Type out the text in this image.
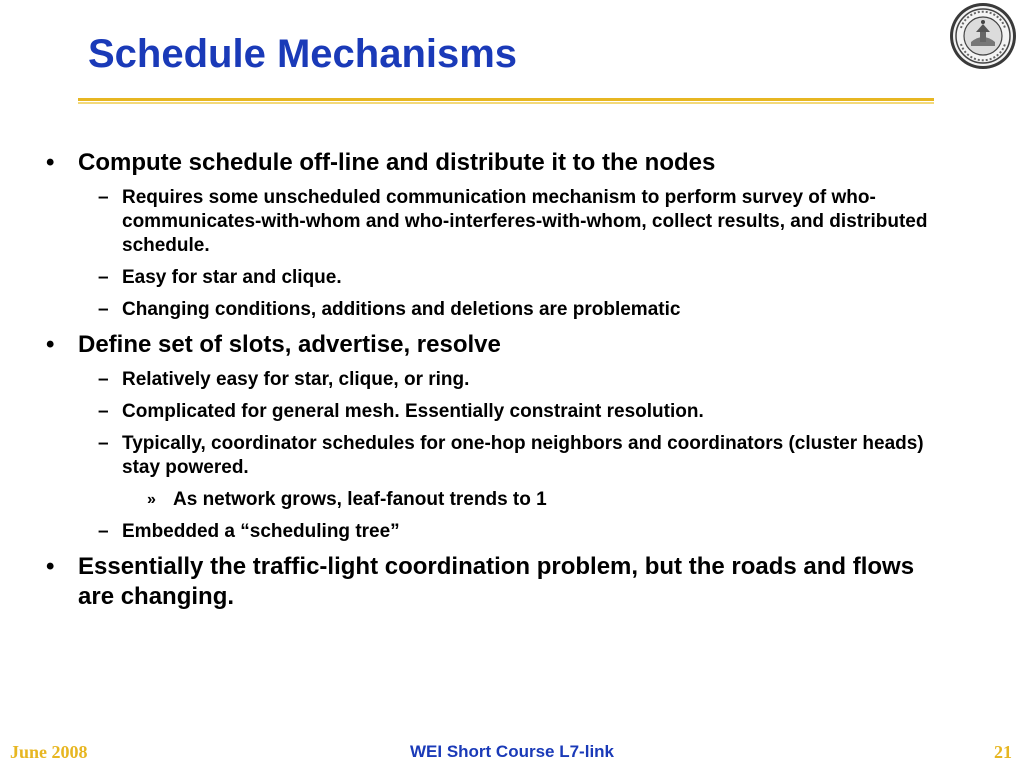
Schedule Mechanisms
• Compute schedule off-line and distribute it to the nodes
– Requires some unscheduled communication mechanism to perform survey of who-communicates-with-whom and who-interferes-with-whom, collect results, and distributed schedule.
– Easy for star and clique.
– Changing conditions, additions and deletions are problematic
• Define set of slots, advertise, resolve
– Relatively easy for star, clique, or ring.
– Complicated for general mesh. Essentially constraint resolution.
– Typically, coordinator schedules for one-hop neighbors and coordinators (cluster heads) stay powered.
» As network grows, leaf-fanout trends to 1
– Embedded a “scheduling tree”
• Essentially the traffic-light coordination problem, but the roads and flows are changing.
June 2008	WEI Short Course L7-link	21
